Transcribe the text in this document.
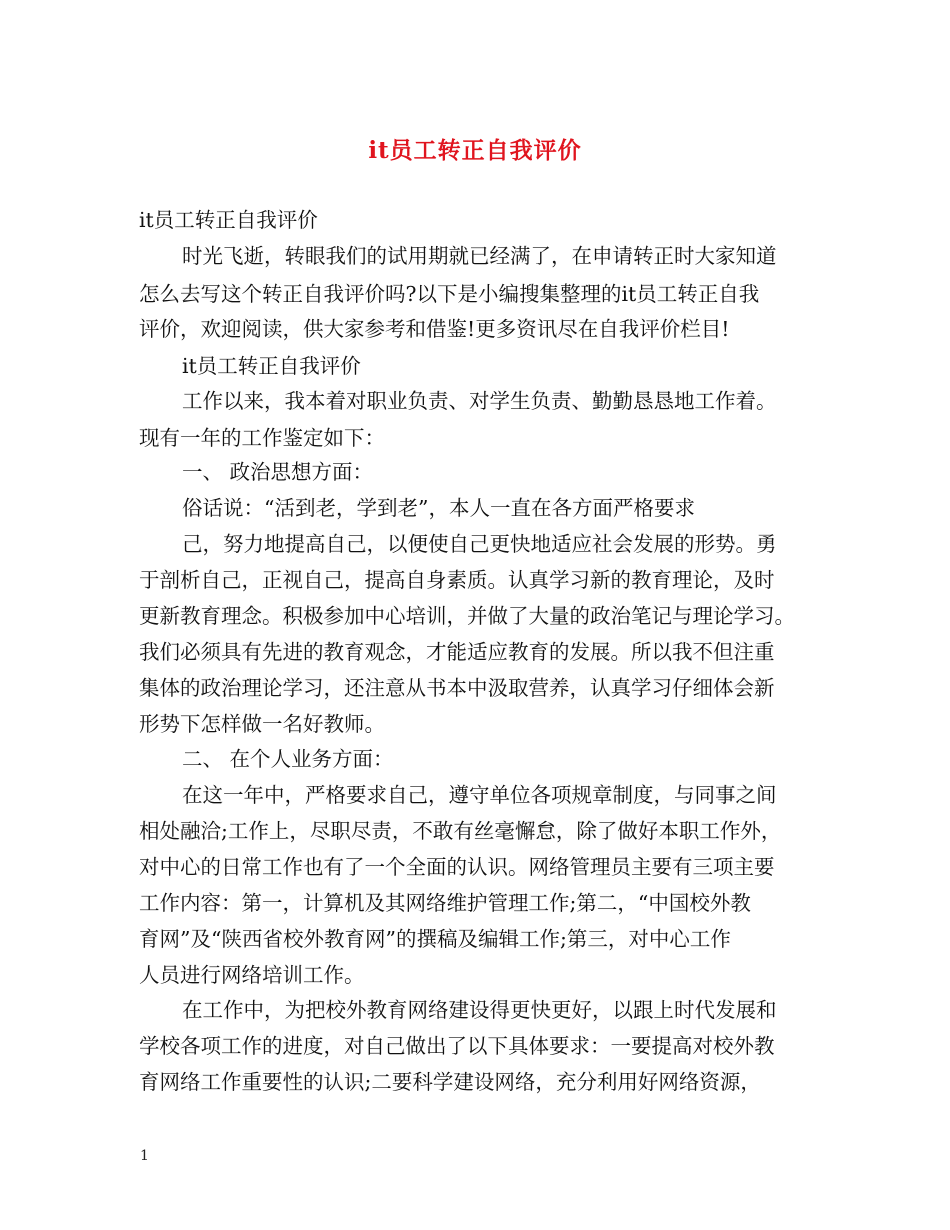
it员工转正自我评价
it员工转正自我评价
时光飞逝，转眼我们的试用期就已经满了，在申请转正时大家知道
怎么去写这个转正自我评价吗?以下是小编搜集整理的it员工转正自我
评价，欢迎阅读，供大家参考和借鉴!更多资讯尽在自我评价栏目!
it员工转正自我评价
工作以来，我本着对职业负责、对学生负责、勤勤恳恳地工作着。
现有一年的工作鉴定如下：
一、 政治思想方面：
俗话说：“活到老，学到老”，本人一直在各方面严格要求
己，努力地提高自己，以便使自己更快地适应社会发展的形势。勇
于剖析自己，正视自己，提高自身素质。认真学习新的教育理论，及时
更新教育理念。积极参加中心培训，并做了大量的政治笔记与理论学习。
我们必须具有先进的教育观念，才能适应教育的发展。所以我不但注重
集体的政治理论学习，还注意从书本中汲取营养，认真学习仔细体会新
形势下怎样做一名好教师。
二、 在个人业务方面：
在这一年中，严格要求自己，遵守单位各项规章制度，与同事之间
相处融洽;工作上，尽职尽责，不敢有丝毫懈怠，除了做好本职工作外，
对中心的日常工作也有了一个全面的认识。网络管理员主要有三项主要
工作内容：第一，计算机及其网络维护管理工作;第二，“中国校外教
育网”及“陕西省校外教育网”的撰稿及编辑工作;第三，对中心工作
人员进行网络培训工作。
在工作中，为把校外教育网络建设得更快更好，以跟上时代发展和
学校各项工作的进度，对自己做出了以下具体要求：一要提高对校外教
育网络工作重要性的认识;二要科学建设网络，充分利用好网络资源，
1
